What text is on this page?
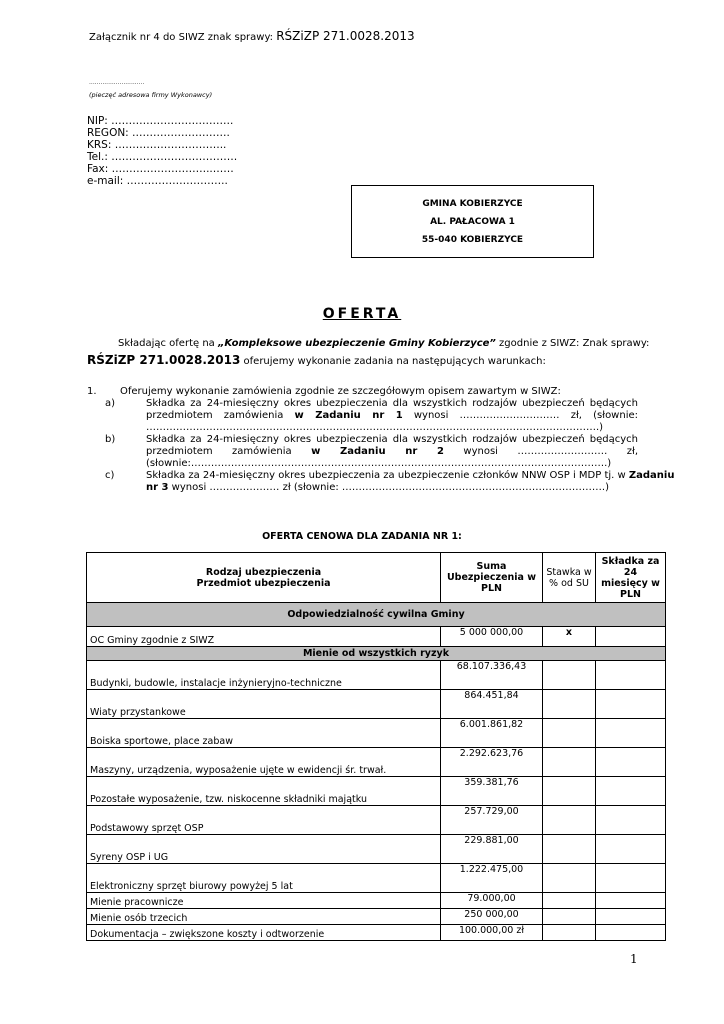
Załącznik nr 4 do SIWZ znak sprawy: RŚZiZP 271.0028.2013
.............................
(pieczęć adresowa firmy Wykonawcy)
NIP: …………………….……….
REGON: ……………………….
KRS: …………………………..
Tel.: ………………………………
Fax: ………………………..……
e-mail: ………………………..
GMINA KOBIERZYCE
AL. PAŁACOWA 1
55-040 KOBIERZYCE
OFERTA
Składając ofertę na „Kompleksowe ubezpieczenie Gminy Kobierzyce” zgodnie z SIWZ: Znak sprawy:
RŚZiZP 271.0028.2013 oferujemy wykonanie zadania na następujących warunkach:
1. Oferujemy wykonanie zamówienia zgodnie ze szczegółowym opisem zawartym w SIWZ:
a)	Składka za 24-miesięczny okres ubezpieczenia dla wszystkich rodzajów ubezpieczeń będących
przedmiotem zamówienia w Zadaniu nr 1 wynosi ………………………… zł, (słownie:
……………………………………………………………………………………………………………………….)
b)	Składka za 24-miesięczny okres ubezpieczenia dla wszystkich rodzajów ubezpieczeń będących
przedmiotem zamówienia w Zadaniu nr 2 wynosi ……………………… zł,
(słownie:…………………………………………………………………………………………….……………….)
c)	Składka za 24-miesięczny okres ubezpieczenia za ubezpieczenie członków NNW OSP i MDP tj. w Zadaniu
nr 3 wynosi ………………… zł (słownie: …………………………………………………………………….)
OFERTA CENOWA DLA ZADANIA NR 1:
Rodzaj ubezpieczenia
Przedmiot ubezpieczenia	Suma Ubezpieczenia w PLN	Stawka w % od SU	Składka za 24 miesięcy w PLN
Odpowiedzialność cywilna Gminy			
OC Gminy zgodnie z SIWZ	5 000 000,00	x	
Mienie od wszystkich ryzyk			
Budynki, budowle, instalacje inżynieryjno-techniczne	68.107.336,43		
Wiaty przystankowe	864.451,84		
Boiska sportowe, place zabaw	6.001.861,82		
Maszyny, urządzenia, wyposażenie ujęte w ewidencji śr. trwał.	2.292.623,76		
Pozostałe wyposażenie, tzw. niskocenne składniki majątku	359.381,76		
Podstawowy sprzęt OSP	257.729,00		
Syreny OSP i UG	229.881,00		
Elektroniczny sprzęt biurowy powyżej 5 lat	1.222.475,00		
Mienie pracownicze	79.000,00		
Mienie osób trzecich	250 000,00		
Dokumentacja – zwiększone koszty i odtworzenie	100.000,00 zł		
1
